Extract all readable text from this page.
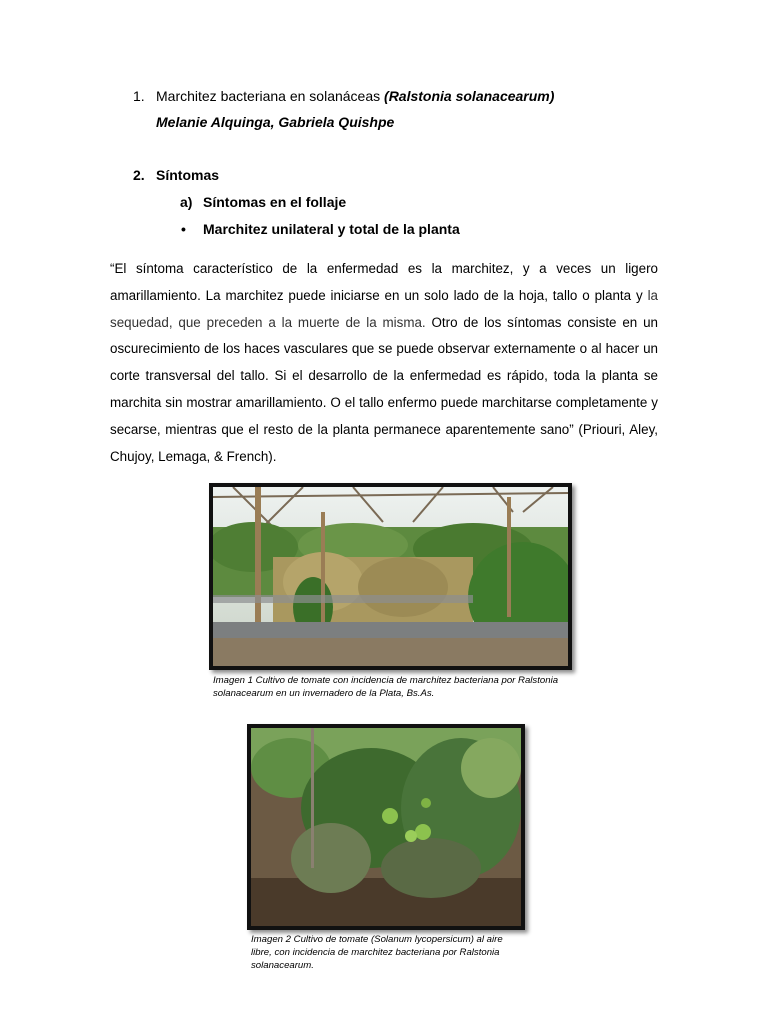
1. Marchitez bacteriana en solanáceas (Ralstonia solanacearum)
Melanie Alquinga, Gabriela Quishpe
2. Síntomas
a) Síntomas en el follaje
• Marchitez unilateral y total de la planta
“El síntoma característico de la enfermedad es la marchitez, y a veces un ligero amarillamiento. La marchitez puede iniciarse en un solo lado de la hoja, tallo o planta y la sequedad, que preceden a la muerte de la misma. Otro de los síntomas consiste en un oscurecimiento de los haces vasculares que se puede observar externamente o al hacer un corte transversal del tallo. Si el desarrollo de la enfermedad es rápido, toda la planta se marchita sin mostrar amarillamiento. O el tallo enfermo puede marchitarse completamente y secarse, mientras que el resto de la planta permanece aparentemente sano” (Priouri, Aley, Chujoy, Lemaga, & French).
Imagen 1 Cultivo de tomate con incidencia de marchitez bacteriana por Ralstonia solanacearum en un invernadero de la Plata, Bs.As.
Imagen 2 Cultivo de tomate (Solanum lycopersicum) al aire libre, con incidencia de marchitez bacteriana por Ralstonia solanacearum.
